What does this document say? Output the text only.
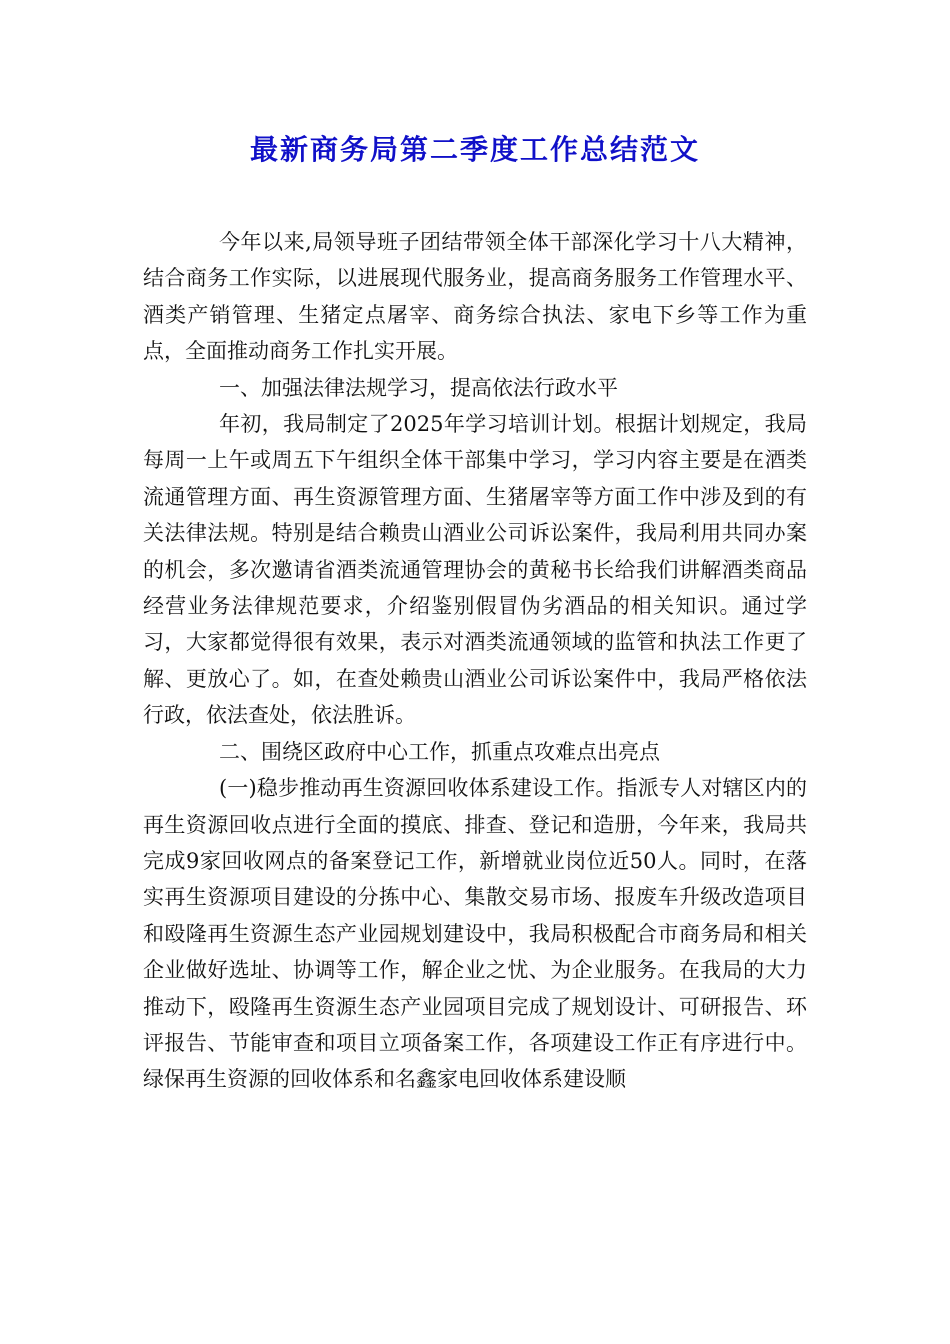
最新商务局第二季度工作总结范文

今年以来,局领导班子团结带领全体干部深化学习十八大精神，结合商务工作实际，以进展现代服务业，提高商务服务工作管理水平、酒类产销管理、生猪定点屠宰、商务综合执法、家电下乡等工作为重点，全面推动商务工作扎实开展。

一、加强法律法规学习，提高依法行政水平

年初，我局制定了2025年学习培训计划。根据计划规定，我局每周一上午或周五下午组织全体干部集中学习，学习内容主要是在酒类流通管理方面、再生资源管理方面、生猪屠宰等方面工作中涉及到的有关法律法规。特别是结合赖贵山酒业公司诉讼案件，我局利用共同办案的机会，多次邀请省酒类流通管理协会的黄秘书长给我们讲解酒类商品经营业务法律规范要求，介绍鉴别假冒伪劣酒品的相关知识。通过学习，大家都觉得很有效果，表示对酒类流通领域的监管和执法工作更了解、更放心了。如，在查处赖贵山酒业公司诉讼案件中，我局严格依法行政，依法查处，依法胜诉。

二、围绕区政府中心工作，抓重点攻难点出亮点

(一)稳步推动再生资源回收体系建设工作。指派专人对辖区内的再生资源回收点进行全面的摸底、排查、登记和造册，今年来，我局共完成9家回收网点的备案登记工作，新增就业岗位近50人。同时，在落实再生资源项目建设的分拣中心、集散交易市场、报废车升级改造项目和殴隆再生资源生态产业园规划建设中，我局积极配合市商务局和相关企业做好选址、协调等工作，解企业之忧、为企业服务。在我局的大力推动下，殴隆再生资源生态产业园项目完成了规划设计、可研报告、环评报告、节能审查和项目立项备案工作，各项建设工作正有序进行中。绿保再生资源的回收体系和名鑫家电回收体系建设顺
